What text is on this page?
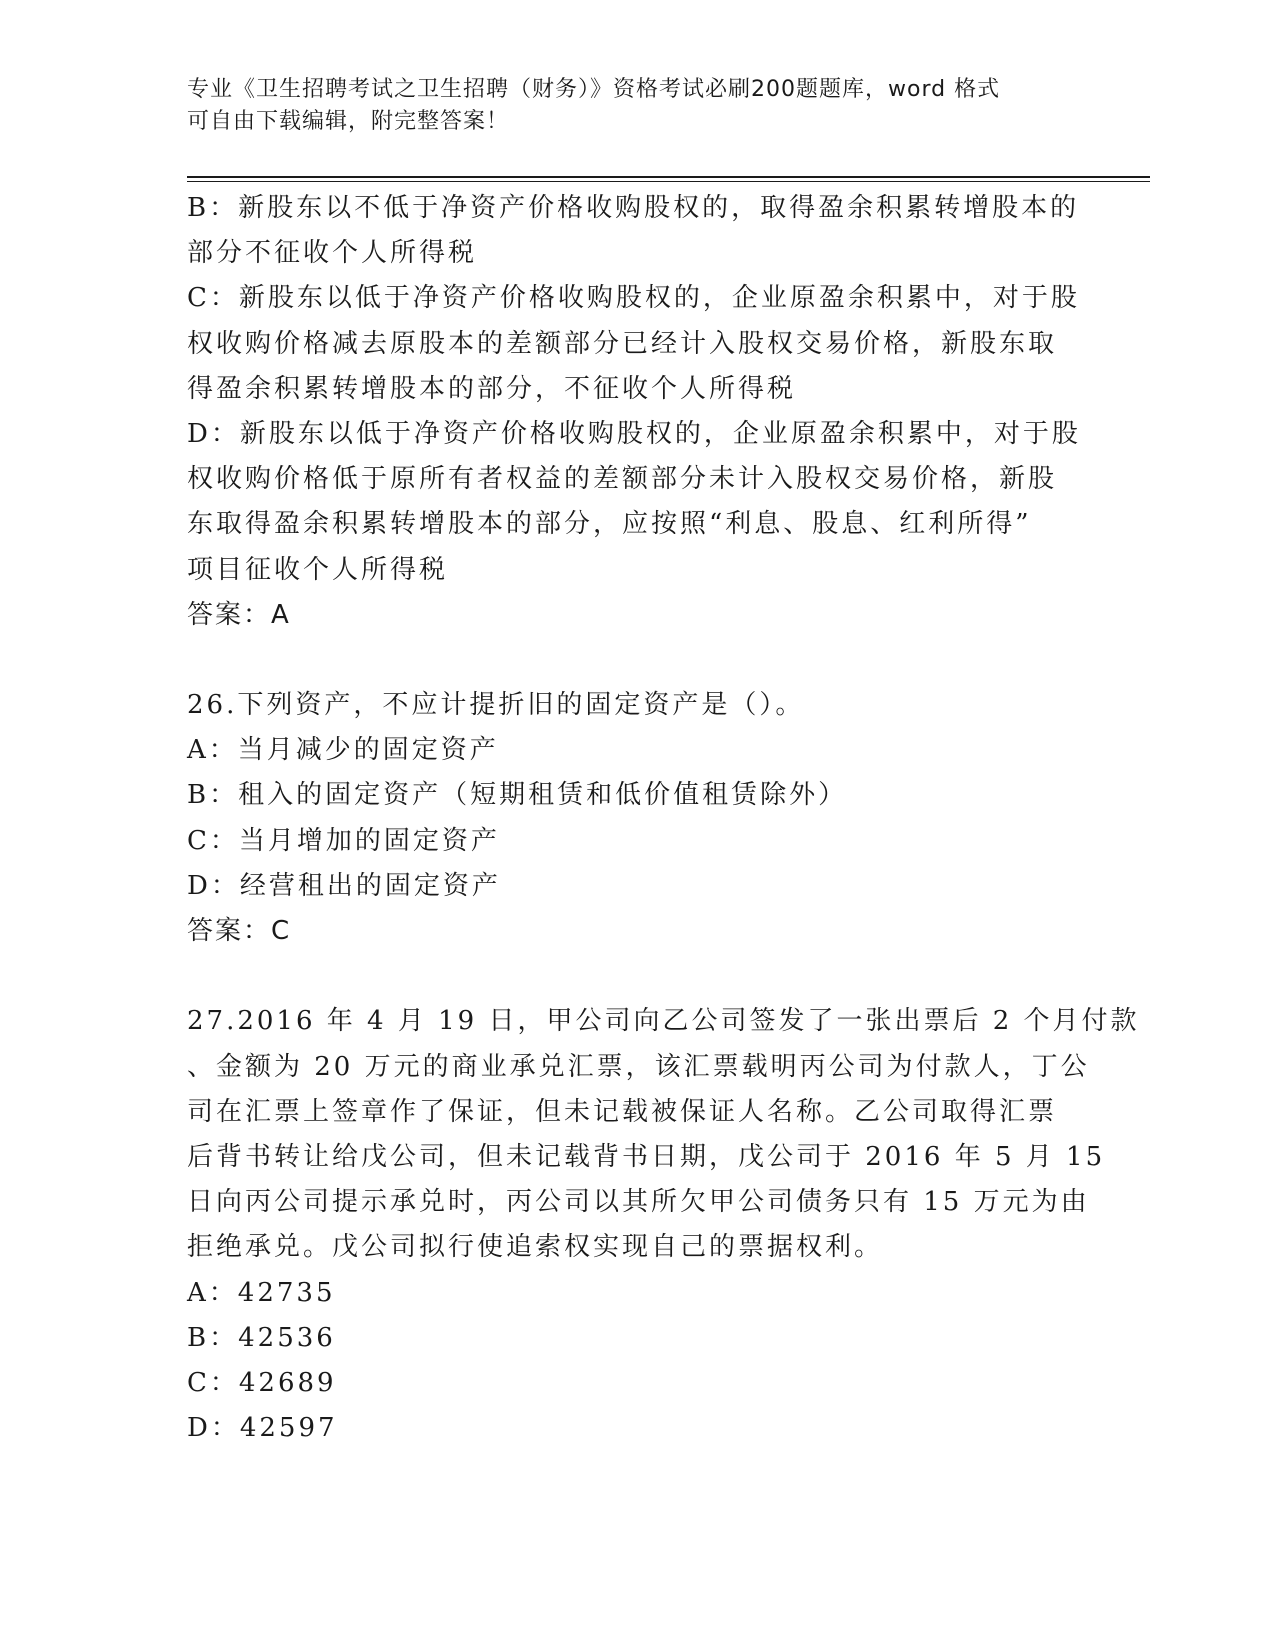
专业《卫生招聘考试之卫生招聘（财务）》资格考试必刷200题题库，word 格式
可自由下载编辑，附完整答案！
B：新股东以不低于净资产价格收购股权的，取得盈余积累转增股本的
部分不征收个人所得税
C：新股东以低于净资产价格收购股权的，企业原盈余积累中，对于股
权收购价格减去原股本的差额部分已经计入股权交易价格，新股东取
得盈余积累转增股本的部分，不征收个人所得税
D：新股东以低于净资产价格收购股权的，企业原盈余积累中，对于股
权收购价格低于原所有者权益的差额部分未计入股权交易价格，新股
东取得盈余积累转增股本的部分，应按照“利息、股息、红利所得”
项目征收个人所得税
答案：A
26.下列资产，不应计提折旧的固定资产是（）。
A：当月减少的固定资产
B：租入的固定资产（短期租赁和低价值租赁除外）
C：当月增加的固定资产
D：经营租出的固定资产
答案：C
27.2016 年 4 月 19 日，甲公司向乙公司签发了一张出票后 2 个月付款
、金额为 20 万元的商业承兑汇票，该汇票载明丙公司为付款人，丁公
司在汇票上签章作了保证，但未记载被保证人名称。乙公司取得汇票
后背书转让给戊公司，但未记载背书日期，戊公司于 2016 年 5 月 15
日向丙公司提示承兑时，丙公司以其所欠甲公司债务只有 15 万元为由
拒绝承兑。戊公司拟行使追索权实现自己的票据权利。
A：42735
B：42536
C：42689
D：42597
